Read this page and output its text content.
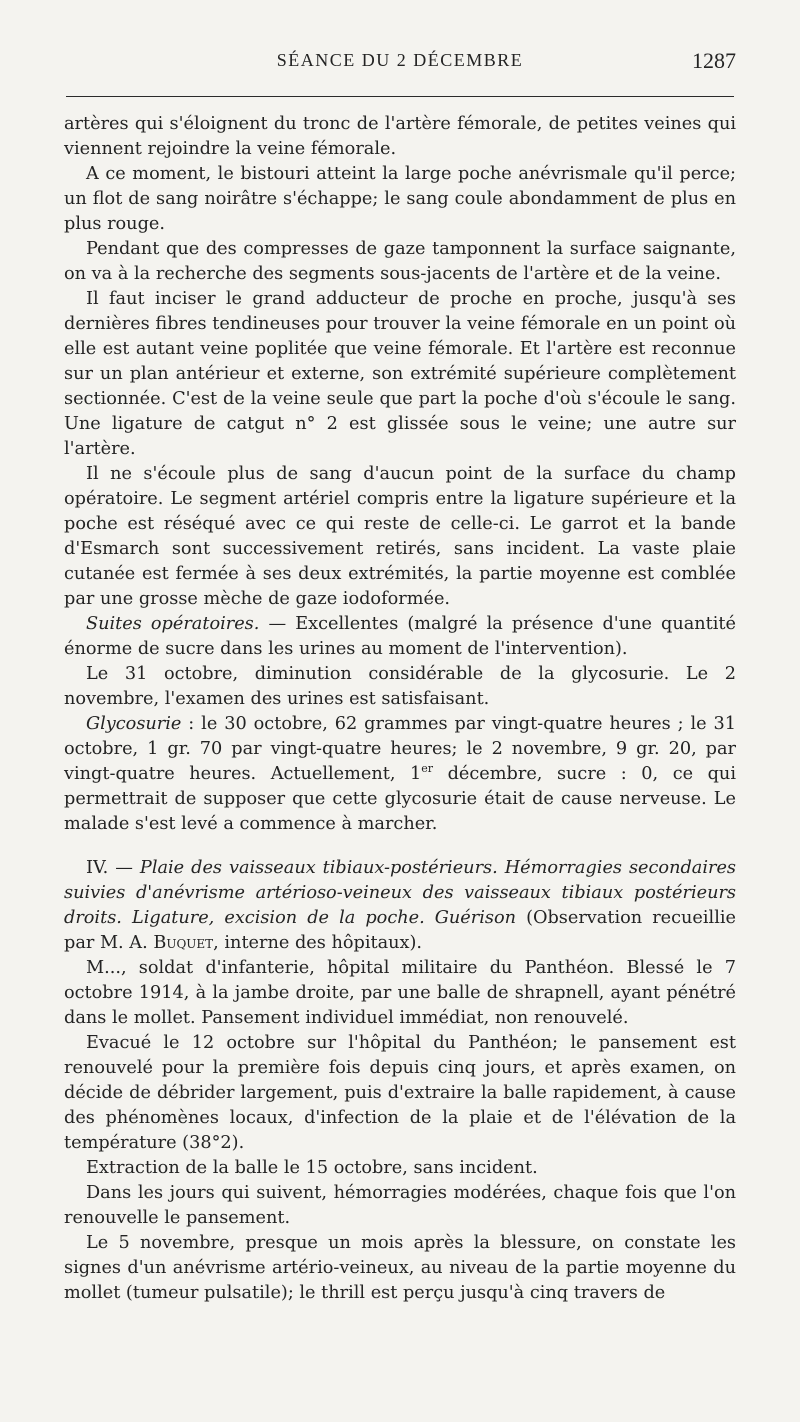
SÉANCE DU 2 DÉCEMBRE	1287

artères qui s'éloignent du tronc de l'artère fémorale, de petites veines qui viennent rejoindre la veine fémorale.

A ce moment, le bistouri atteint la large poche anévrismale qu'il perce; un flot de sang noirâtre s'échappe; le sang coule abondamment de plus en plus rouge.

Pendant que des compresses de gaze tamponnent la surface saignante, on va à la recherche des segments sous-jacents de l'artère et de la veine.

Il faut inciser le grand adducteur de proche en proche, jusqu'à ses dernières fibres tendineuses pour trouver la veine fémorale en un point où elle est autant veine poplitée que veine fémorale. Et l'artère est reconnue sur un plan antérieur et externe, son extrémité supérieure complètement sectionnée. C'est de la veine seule que part la poche d'où s'écoule le sang. Une ligature de catgut n° 2 est glissée sous le veine; une autre sur l'artère.

Il ne s'écoule plus de sang d'aucun point de la surface du champ opératoire. Le segment artériel compris entre la ligature supérieure et la poche est réséqué avec ce qui reste de celle-ci. Le garrot et la bande d'Esmarch sont successivement retirés, sans incident. La vaste plaie cutanée est fermée à ses deux extrémités, la partie moyenne est comblée par une grosse mèche de gaze iodoformée.

Suites opératoires. — Excellentes (malgré la présence d'une quantité énorme de sucre dans les urines au moment de l'intervention).

Le 31 octobre, diminution considérable de la glycosurie. Le 2 novembre, l'examen des urines est satisfaisant.

Glycosurie : le 30 octobre, 62 grammes par vingt-quatre heures ; le 31 octobre, 1 gr. 70 par vingt-quatre heures; le 2 novembre, 9 gr. 20, par vingt-quatre heures. Actuellement, 1er décembre, sucre : 0, ce qui permettrait de supposer que cette glycosurie était de cause nerveuse. Le malade s'est levé a commence à marcher.

IV. — Plaie des vaisseaux tibiaux-postérieurs. Hémorragies secondaires suivies d'anévrisme artérioso-veineux des vaisseaux tibiaux postérieurs droits. Ligature, excision de la poche. Guérison (Observation recueillie par M. A. Buquet, interne des hôpitaux).

M..., soldat d'infanterie, hôpital militaire du Panthéon. Blessé le 7 octobre 1914, à la jambe droite, par une balle de shrapnell, ayant pénétré dans le mollet. Pansement individuel immédiat, non renouvelé.

Evacué le 12 octobre sur l'hôpital du Panthéon; le pansement est renouvelé pour la première fois depuis cinq jours, et après examen, on décide de débrider largement, puis d'extraire la balle rapidement, à cause des phénomènes locaux, d'infection de la plaie et de l'élévation de la température (38°2).

Extraction de la balle le 15 octobre, sans incident.

Dans les jours qui suivent, hémorragies modérées, chaque fois que l'on renouvelle le pansement.

Le 5 novembre, presque un mois après la blessure, on constate les signes d'un anévrisme artério-veineux, au niveau de la partie moyenne du mollet (tumeur pulsatile); le thrill est perçu jusqu'à cinq travers de
